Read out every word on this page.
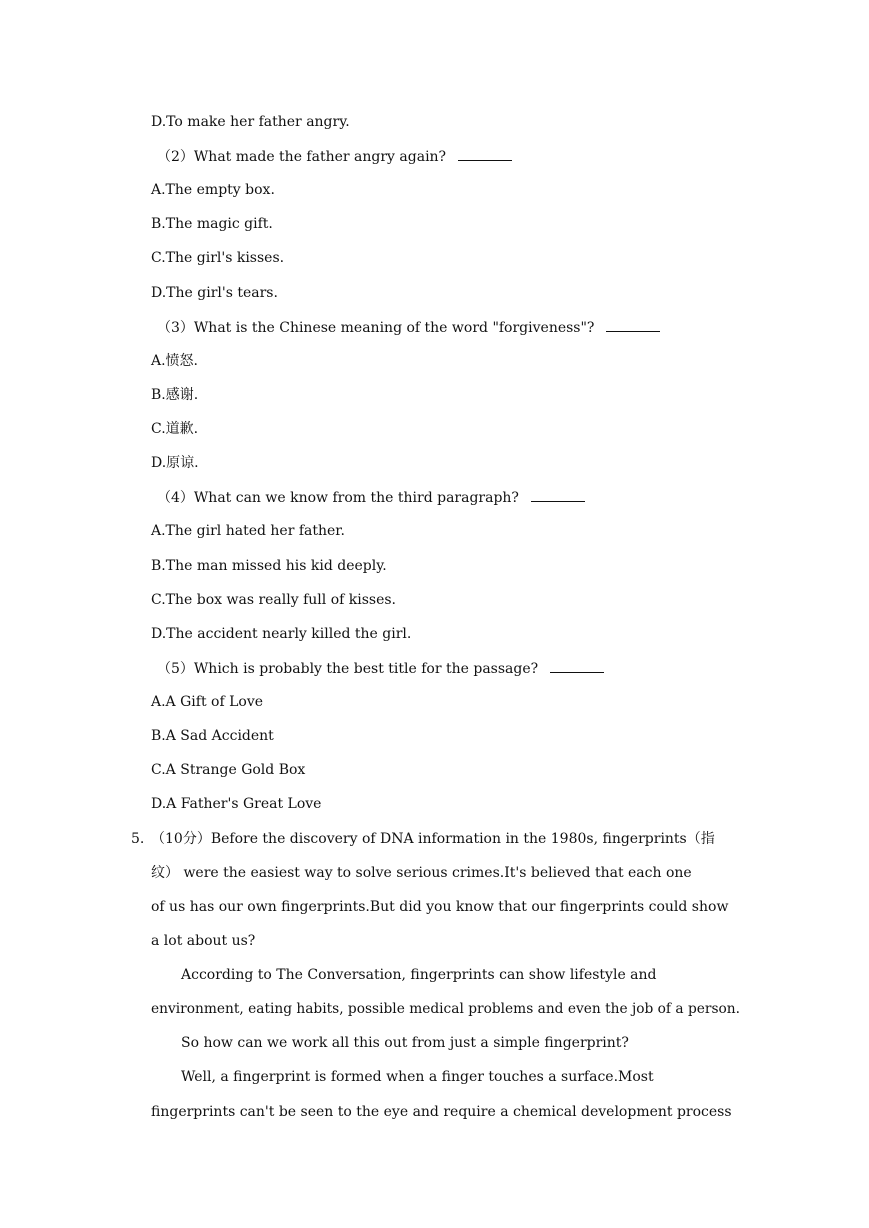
D.To make her father angry.
（2）What made the father angry again?
A.The empty box.
B.The magic gift.
C.The girl's kisses.
D.The girl's tears.
（3）What is the Chinese meaning of the word "forgiveness"?
A.愤怒.
B.感谢.
C.道歉.
D.原谅.
（4）What can we know from the third paragraph?
A.The girl hated her father.
B.The man missed his kid deeply.
C.The box was really full of kisses.
D.The accident nearly killed the girl.
（5）Which is probably the best title for the passage?
A.A Gift of Love
B.A Sad Accident
C.A Strange Gold Box
D.A Father's Great Love
5. （10分）Before the discovery of DNA information in the 1980s, fingerprints（指
纹） were the easiest way to solve serious crimes.It's believed that each one
of us has our own fingerprints.But did you know that our fingerprints could show
a lot about us?
According to The Conversation, fingerprints can show lifestyle and
environment, eating habits, possible medical problems and even the job of a person.
So how can we work all this out from just a simple fingerprint?
Well, a fingerprint is formed when a finger touches a surface.Most
fingerprints can't be seen to the eye and require a chemical development process
